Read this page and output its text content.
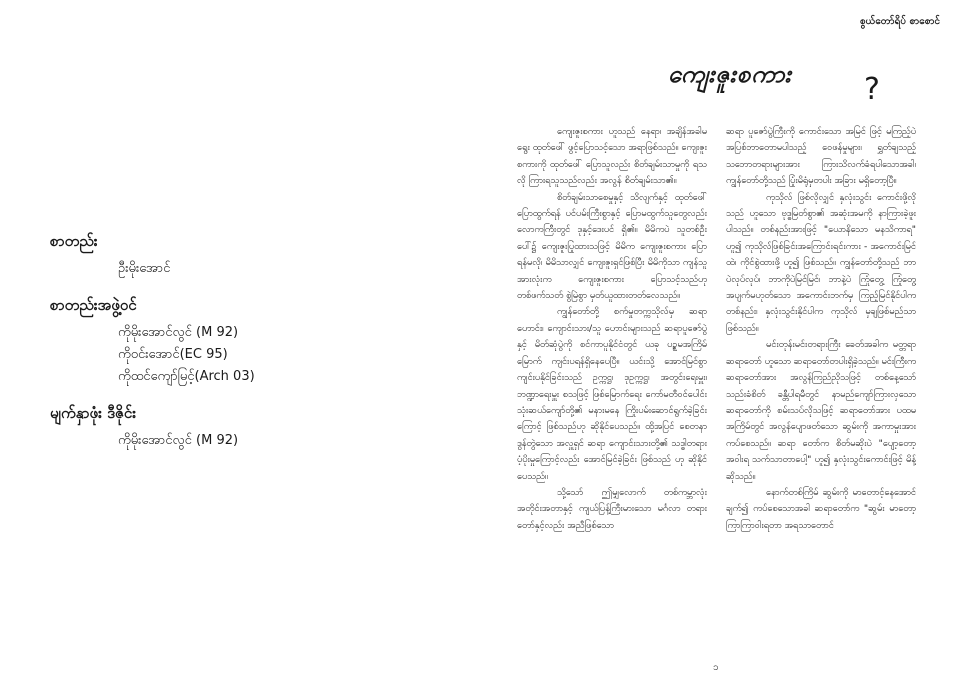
စာတည်း
ဦးမိုးအောင်
စာတည်းအဖွဲ့ဝင်
ကိုမိုးအောင်လွင် (M 92)
ကိုဝင်းအောင်(EC 95)
ကိုထင်ကျော်မြင့်(Arch 03)
မျက်နှာဖုံး ဒီဇိုင်း
ကိုမိုးအောင်လွင် (M 92)
စွယ်တော်ရိပ် စာစောင်
ကျေးဇူးစကား ?

ကျေးဇူးစကား ဟူသည် နေရာ၊ အချိန်အခါမရွေး ထုတ်ဖေါ် ဖွင့်ပြောသင့်သော အရာဖြစ်သည်။ ကျေးဇူးစကားကို ထုတ်ဖေါ် ပြောသူလည်း စိတ်ချမ်းသာမှုကို ရသလို ကြားရသူသည်လည်း အလွန် စိတ်ချမ်းသာ၏။

စိတ်ချမ်းသာစေမှုနှင့် သိလျက်နှင့် ထုတ်ဖေါ် ပြောထွက်ရန် ပင်ပမ်းကြီးစွာနှင့် ပြောမထွက်သူတွေလည်း လောကကြီးတွင် ဒုနှင့်ဒေးပင် ရှိ၏။ မိမိကပဲ သူတစ်ဦးပေါ်၌ ကျေးဇူးပြုထားသဖြင့် မိမိက ကျေးဇူးစကား ပြောရန်မလို၊ မိမိသာလျှင် ကျေးဇူးရှင်ဖြစ်ပြီး မိမိကိုသာ ကျန်သူအားလုံးက ကျေးဇူးစကား ပြောသင့်သည်ဟု တစ်ဖက်သတ် စွဲမြဲစွာ မှတ်ယူထားတတ်လေသည်။

ကျွန်တော်တို့ စက်မှုတက္ကသိုလ်မှ ဆရာဟောင်း၊ ကျောင်းသား/သူ ဟောင်းများသည် ဆရာပူဇော်ပွဲနှင့် မိတ်ဆုံပွဲကို စင်ကာပူနိုင်ငံတွင် ယခု ပဉ္စမအကြိမ်မြောက် ကျင်းပရန်ရှိနေပေပြီ။ ယင်းသို့ အောင်မြင်စွာ ကျင်းပနိုင်ခြင်းသည် ဥက္ကဋ္ဌ၊ ဒုဥက္ကဋ္ဌ၊ အတွင်းရေးမှူး၊ ဘဏ္ဍာရေးမှူး စသဖြင့် ဖြစ်မြောက်ရေး ကော်မတီဝင်ပေါင်း သုံးဆယ်ကျော်တို့၏ မနားမနေ ကြိုးပမ်းဆောင်ရွက်ခဲ့ခြင်းကြောင့် ဖြစ်သည်ဟု ဆိုနိုင်ပေသည်။ ထို့အပြင် စေတနာ ဒွန်တွဲသော အလှူရှင် ဆရာ ကျောင်းသားတို့၏ သဒ္ဓါတရား ပံ့ပိုးမှုကြောင့်လည်း အောင်မြင်ခဲ့ခြင်း ဖြစ်သည် ဟု ဆိုနိုင်ပေသည်။

သို့သော် ဤမျှလောက် တစ်ကမ္ဘာလုံး အတိုင်းအတာနှင့် ကျယ်ပြန့်ကြီးမားသော မင်္ဂလာ တရားတော်နှင့်လည်း အညီဖြစ်သော

ဆရာ ပူဇော်ပွဲကြီးကို ကောင်းသော အမြင် ဖြင့် မကြည့်ပဲ အပြစ်ဘာတောမပါသည့် ဝေဖန်မှုများ၊ ရွှတ်ချသည့် သဘောတရားများအား ကြားသိလက်ခံရပါသောအခါ၊ ကျွန်တော်တို့သည် ပြုံးမိရုံမှတပါး အခြား မရှိတော့ပြီ။

ကုသိုလ် ဖြစ်လိုလျှင် နှလုံးသွင်း ကောင်းဖို့လိုသည် ဟူသော ဗုဒ္ဓမြတ်စွာ၏ အဆုံးအမကို နာကြားခဲ့ဖူးပါသည်။ တစ်နည်းအားဖြင့် "ယောနိသော မနသိကာရ" ဟူ၍ ကုသိုလ်ဖြစ်ခြင်းအကြောင်းရင်းကား - အကောင်းမြင်ထဲ၊ ကိုင်စွဲထားဖို့ ဟူ၍ ဖြစ်သည်။ ကျွန်တော်တို့သည် ဘာပဲလုပ်လုပ်၊ ဘာကိုပဲမြင်မြင်၊ ဘာနဲ့ပဲ ကြုံတွေ့ ကြုံတွေ့ အပျက်မဟုတ်သော အကောင်းဘက်မှ ကြည့်မြင်နိုင်ပါက တစ်နည်း၊ နှလုံးသွင်းနိုင်ပါက ကုသိုလ် မှချဖြစ်မည်သာ ဖြစ်သည်။

မင်းတုန်းမင်းတရားကြီး ခေတ်အခါက မတ္တရာဆရာတော် ဟူသော ဆရာတော်တပါးရှိခဲ့သည်။ မင်းကြီးက ဆရာတော်အား အလွန်ကြည်ညိုသဖြင့် တစ်နေ့သော် သည်းခံစိတ် ခန္တီပါရမီတွင် နာမည်ကျော်ကြားလှသော ဆရာတော်ကို စမ်းသပ်လိုသဖြင့် ဆရာတော်အား ပထမ အကြိမ်တွင် အလွန်ပျောဖတ်သော ဆွမ်းကို အကာမှုးအား ကပ်စေသည်။ ဆရာ တော်က စိတ်မဆိုးပဲ "ပျော့တော့ အဝါးရ သက်သာတာပေါ့" ဟူ၍ နှလုံးသွင်းကောင်းဖြင့် မိန့်ဆိုသည်။

နောက်တစ်ကြိမ် ဆွမ်းကို မာတောင့်နေအောင် ချက်၍ ကပ်စေသောအခါ ဆရာတော်က "ဆွမ်း မာတော့ ကြာကြာဝါးရတာ အရသာတောင်

၁
